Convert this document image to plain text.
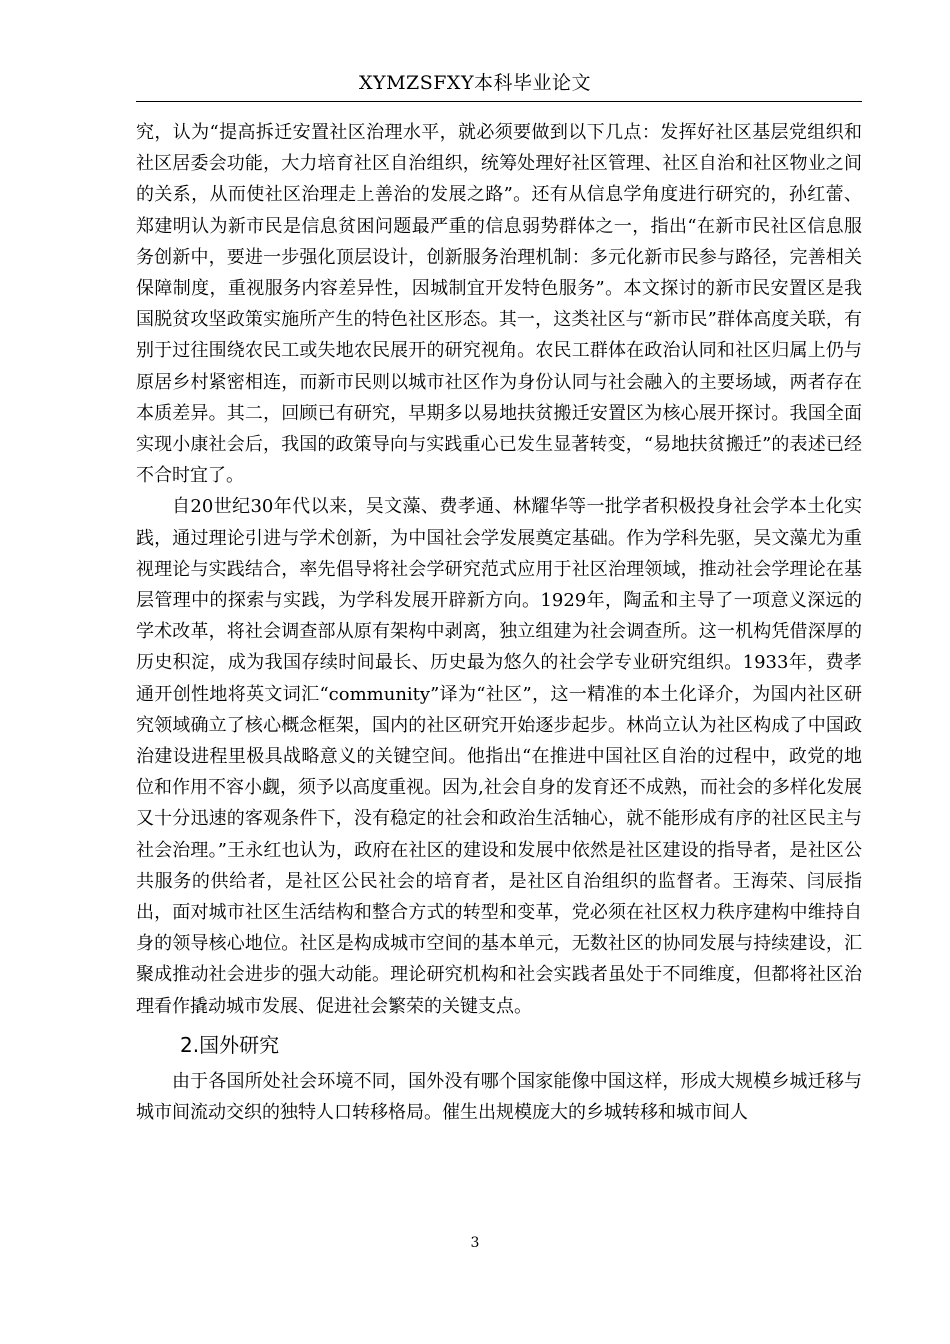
XYMZSFXY本科毕业论文

究，认为“提高拆迁安置社区治理水平，就必须要做到以下几点：发挥好社区基层党组织和社区居委会功能，大力培育社区自治组织，统筹处理好社区管理、社区自治和社区物业之间的关系，从而使社区治理走上善治的发展之路”。还有从信息学角度进行研究的，孙红蕾、郑建明认为新市民是信息贫困问题最严重的信息弱势群体之一，指出“在新市民社区信息服务创新中，要进一步强化顶层设计，创新服务治理机制：多元化新市民参与路径，完善相关保障制度，重视服务内容差异性，因城制宜开发特色服务”。本文探讨的新市民安置区是我国脱贫攻坚政策实施所产生的特色社区形态。其一，这类社区与“新市民”群体高度关联，有别于过往围绕农民工或失地农民展开的研究视角。农民工群体在政治认同和社区归属上仍与原居乡村紧密相连，而新市民则以城市社区作为身份认同与社会融入的主要场域，两者存在本质差异。其二，回顾已有研究，早期多以易地扶贫搬迁安置区为核心展开探讨。我国全面实现小康社会后，我国的政策导向与实践重心已发生显著转变，“易地扶贫搬迁”的表述已经不合时宜了。

自20世纪30年代以来，吴文藻、费孝通、林耀华等一批学者积极投身社会学本土化实践，通过理论引进与学术创新，为中国社会学发展奠定基础。作为学科先驱，吴文藻尤为重视理论与实践结合，率先倡导将社会学研究范式应用于社区治理领域，推动社会学理论在基层管理中的探索与实践，为学科发展开辟新方向。1929年，陶孟和主导了一项意义深远的学术改革，将社会调查部从原有架构中剥离，独立组建为社会调查所。这一机构凭借深厚的历史积淀，成为我国存续时间最长、历史最为悠久的社会学专业研究组织。1933年，费孝通开创性地将英文词汇“community”译为“社区”，这一精准的本土化译介，为国内社区研究领域确立了核心概念框架，国内的社区研究开始逐步起步。林尚立认为社区构成了中国政治建设进程里极具战略意义的关键空间。他指出“在推进中国社区自治的过程中，政党的地位和作用不容小觑，须予以高度重视。因为,社会自身的发育还不成熟，而社会的多样化发展又十分迅速的客观条件下，没有稳定的社会和政治生活轴心，就不能形成有序的社区民主与社会治理。”王永红也认为，政府在社区的建设和发展中依然是社区建设的指导者，是社区公共服务的供给者，是社区公民社会的培育者，是社区自治组织的监督者。王海荣、闫辰指出，面对城市社区生活结构和整合方式的转型和变革，党必须在社区权力秩序建构中维持自身的领导核心地位。社区是构成城市空间的基本单元，无数社区的协同发展与持续建设，汇聚成推动社会进步的强大动能。理论研究机构和社会实践者虽处于不同维度，但都将社区治理看作撬动城市发展、促进社会繁荣的关键支点。

2.国外研究

由于各国所处社会环境不同，国外没有哪个国家能像中国这样，形成大规模乡城迁移与城市间流动交织的独特人口转移格局。催生出规模庞大的乡城转移和城市间人

3
